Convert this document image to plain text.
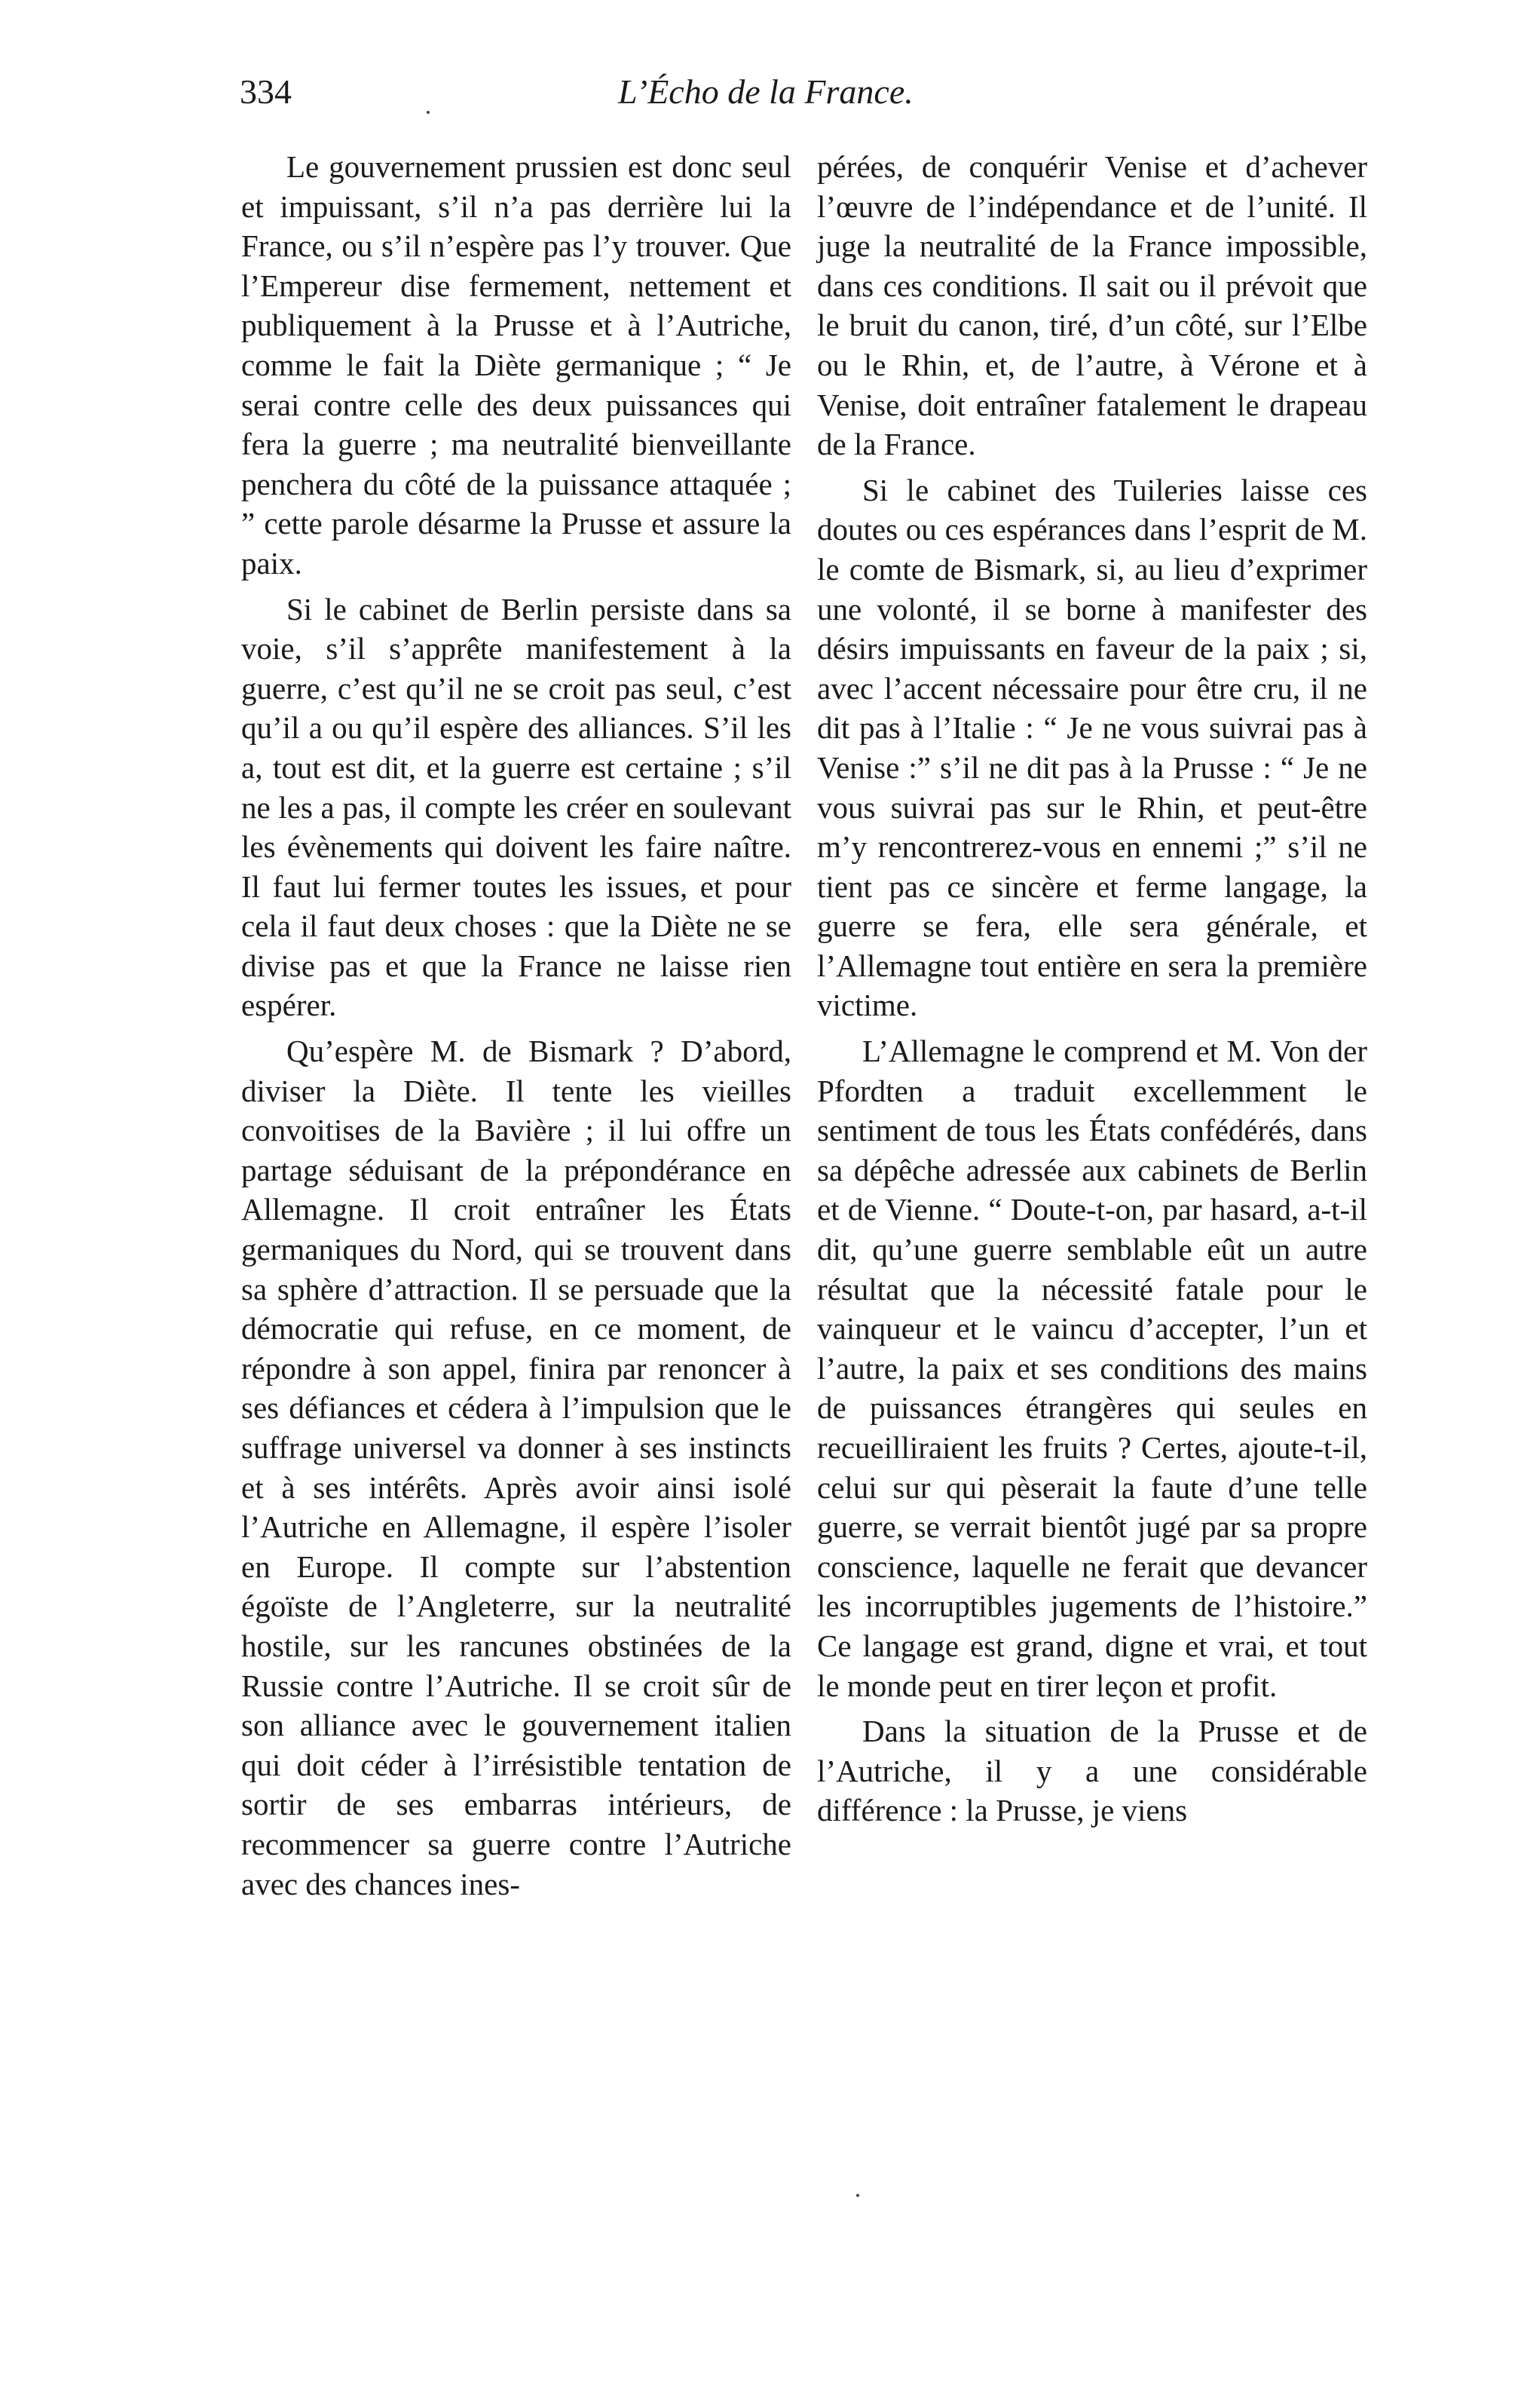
334	L’Écho de la France.

Le gouvernement prussien est donc seul et impuissant, s’il n’a pas derrière lui la France, ou s’il n’espère pas l’y trouver. Que l’Empereur dise fermement, nettement et publiquement à la Prusse et à l’Autriche, comme le fait la Diète germanique ; “ Je serai contre celle des deux puissances qui fera la guerre ; ma neutralité bienveillante penchera du côté de la puissance attaquée ; ” cette parole désarme la Prusse et assure la paix.

Si le cabinet de Berlin persiste dans sa voie, s’il s’apprête manifestement à la guerre, c’est qu’il ne se croit pas seul, c’est qu’il a ou qu’il espère des alliances. S’il les a, tout est dit, et la guerre est certaine ; s’il ne les a pas, il compte les créer en soulevant les évènements qui doivent les faire naître. Il faut lui fermer toutes les issues, et pour cela il faut deux choses : que la Diète ne se divise pas et que la France ne laisse rien espérer.

Qu’espère M. de Bismark ? D’abord, diviser la Diète. Il tente les vieilles convoitises de la Bavière ; il lui offre un partage séduisant de la prépondérance en Allemagne. Il croit entraîner les États germaniques du Nord, qui se trouvent dans sa sphère d’attraction. Il se persuade que la démocratie qui refuse, en ce moment, de répondre à son appel, finira par renoncer à ses défiances et cédera à l’impulsion que le suffrage universel va donner à ses instincts et à ses intérêts. Après avoir ainsi isolé l’Autriche en Allemagne, il espère l’isoler en Europe. Il compte sur l’abstention égoïste de l’Angleterre, sur la neutralité hostile, sur les rancunes obstinées de la Russie contre l’Autriche. Il se croit sûr de son alliance avec le gouvernement italien qui doit céder à l’irrésistible tentation de sortir de ses embarras intérieurs, de recommencer sa guerre contre l’Autriche avec des chances ines-

pérées, de conquérir Venise et d’achever l’œuvre de l’indépendance et de l’unité. Il juge la neutralité de la France impossible, dans ces conditions. Il sait ou il prévoit que le bruit du canon, tiré, d’un côté, sur l’Elbe ou le Rhin, et, de l’autre, à Vérone et à Venise, doit entraîner fatalement le drapeau de la France.

Si le cabinet des Tuileries laisse ces doutes ou ces espérances dans l’esprit de M. le comte de Bismark, si, au lieu d’exprimer une volonté, il se borne à manifester des désirs impuissants en faveur de la paix ; si, avec l’accent nécessaire pour être cru, il ne dit pas à l’Italie : “ Je ne vous suivrai pas à Venise :” s’il ne dit pas à la Prusse : “ Je ne vous suivrai pas sur le Rhin, et peut-être m’y rencontrerez-vous en ennemi ;” s’il ne tient pas ce sincère et ferme langage, la guerre se fera, elle sera générale, et l’Allemagne tout entière en sera la première victime.

L’Allemagne le comprend et M. Von der Pfordten a traduit excellemment le sentiment de tous les États confédérés, dans sa dépêche adressée aux cabinets de Berlin et de Vienne. “ Doute-t-on, par hasard, a-t-il dit, qu’une guerre semblable eût un autre résultat que la nécessité fatale pour le vainqueur et le vaincu d’accepter, l’un et l’autre, la paix et ses conditions des mains de puissances étrangères qui seules en recueilliraient les fruits ? Certes, ajoute-t-il, celui sur qui pèserait la faute d’une telle guerre, se verrait bientôt jugé par sa propre conscience, laquelle ne ferait que devancer les incorruptibles jugements de l’histoire.” Ce langage est grand, digne et vrai, et tout le monde peut en tirer leçon et profit.

Dans la situation de la Prusse et de l’Autriche, il y a une considérable différence : la Prusse, je viens
